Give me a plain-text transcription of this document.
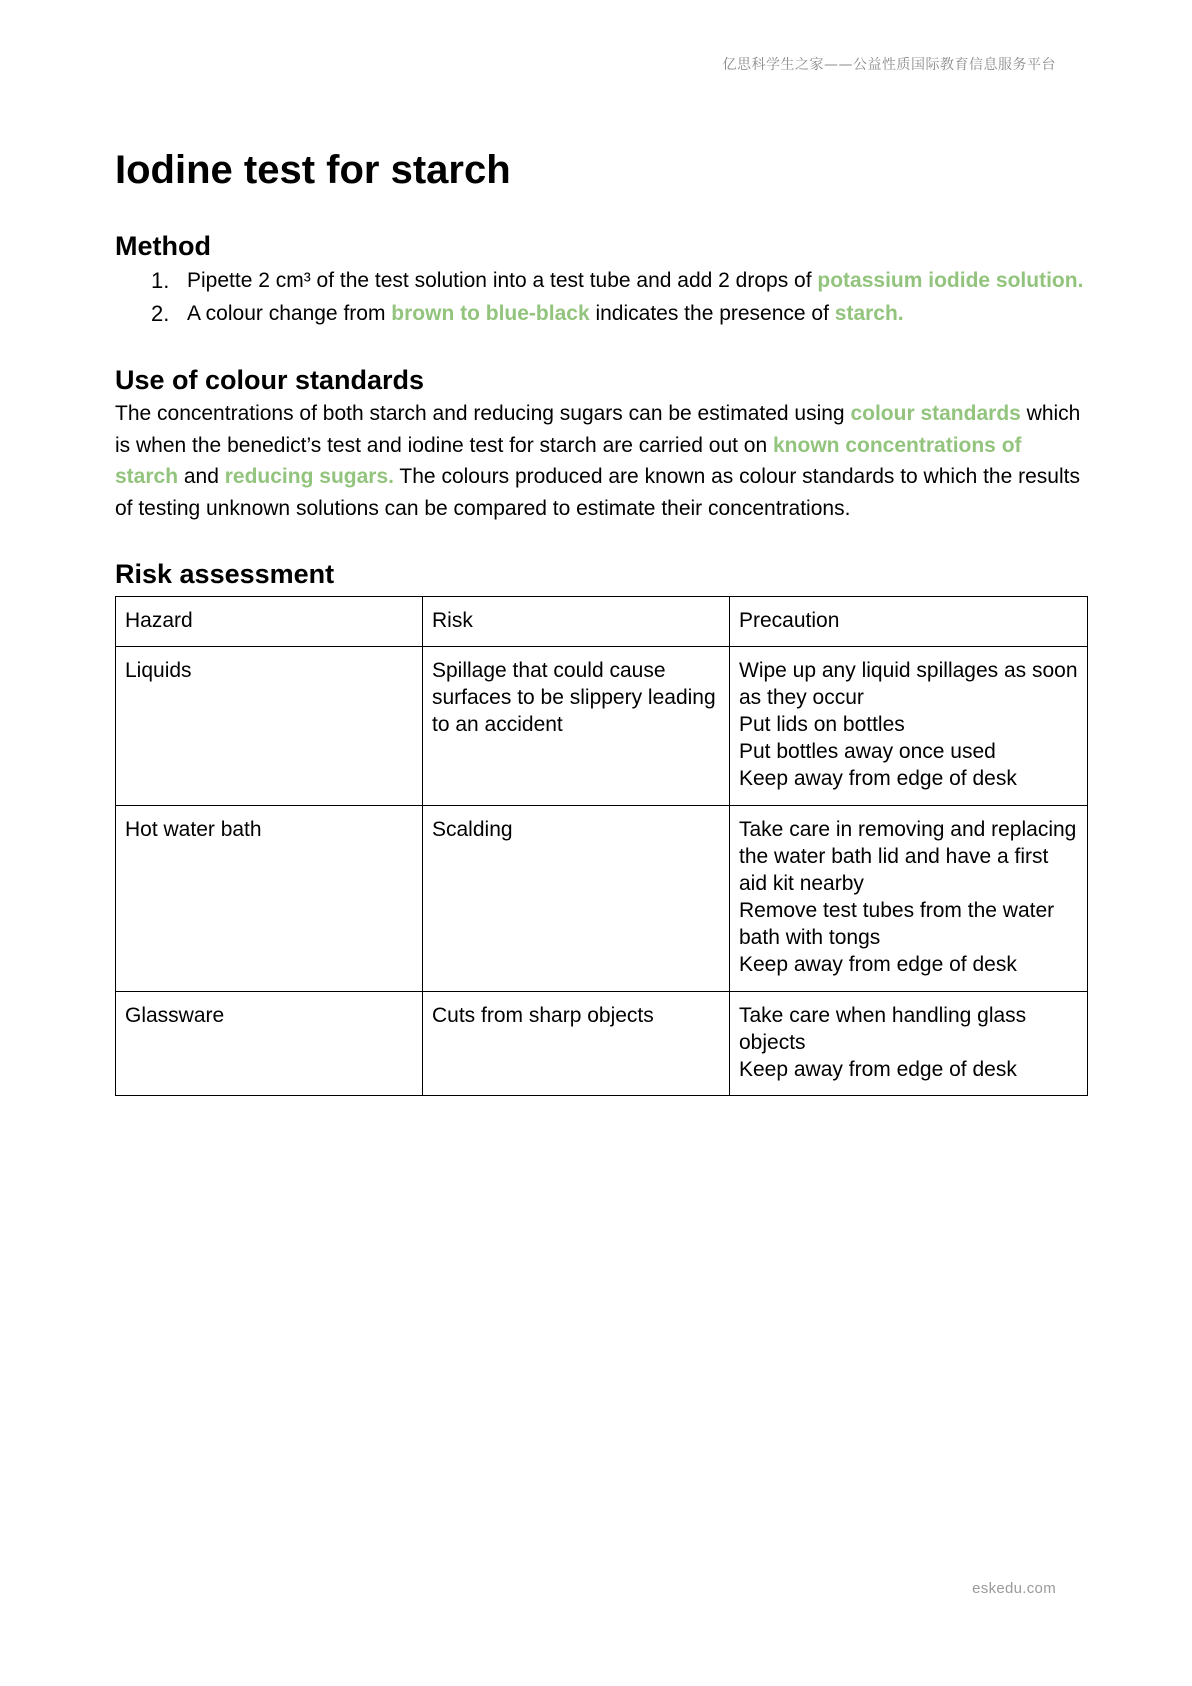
亿思科学生之家——公益性质国际教育信息服务平台
Iodine test for starch
Method
1. Pipette 2 cm³ of the test solution into a test tube and add 2 drops of potassium iodide solution.
2. A colour change from brown to blue-black indicates the presence of starch.
Use of colour standards

The concentrations of both starch and reducing sugars can be estimated using colour standards which is when the benedict’s test and iodine test for starch are carried out on known concentrations of starch and reducing sugars. The colours produced are known as colour standards to which the results of testing unknown solutions can be compared to estimate their concentrations.

Risk assessment
Hazard	Risk	Precaution
Liquids	Spillage that could cause surfaces to be slippery leading to an accident	Wipe up any liquid spillages as soon as they occur
Put lids on bottles
Put bottles away once used
Keep away from edge of desk

Hot water bath	Scalding	Take care in removing and replacing the water bath lid and have a first aid kit nearby
Remove test tubes from the water bath with tongs
Keep away from edge of desk

Glassware	Cuts from sharp objects	Take care when handling glass objects
Keep away from edge of desk
eskedu.com
